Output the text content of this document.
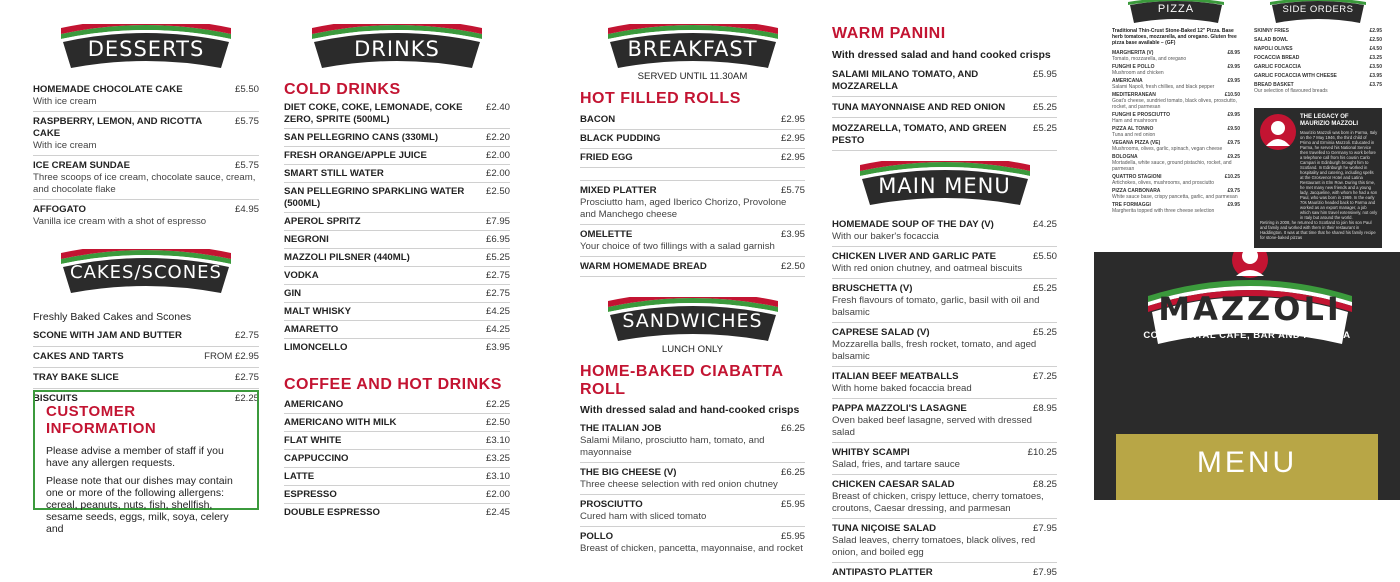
DESSERTS
HOMEMADE CHOCOLATE CAKE	£5.50
With ice cream
RASPBERRY, LEMON, AND RICOTTA CAKE
£5.75
With ice cream
ICE CREAM SUNDAE	£5.75
Three scoops of ice cream, chocolate sauce, cream, and chocolate flake
AFFOGATO	£4.95
Vanilla ice cream with a shot of espresso
CAKES/SCONES
Freshly Baked Cakes and Scones
SCONE WITH JAM AND BUTTER	£2.75
CAKES AND TARTS	FROM £2.95
TRAY BAKE SLICE	£2.75
BISCUITS	£2.25
CUSTOMER INFORMATION
Please advise a member of staff if you have any allergen requests.
Please note that our dishes may contain one or more of the following allergens: cereal, peanuts, nuts, fish, shellfish, sesame seeds, eggs, milk, soya, celery and
DRINKS
COLD DRINKS
DIET COKE, COKE, LEMONADE, COKE ZERO, SPRITE (500ML)
£2.40
SAN PELLEGRINO CANS (330ML)	£2.20
FRESH ORANGE/APPLE JUICE	£2.00
SMART STILL WATER	£2.00
SAN PELLEGRINO SPARKLING WATER (500ML)
£2.50
APEROL SPRITZ	£7.95
NEGRONI	£6.95
MAZZOLI PILSNER (440ML)	£5.25
VODKA	£2.75
GIN	£2.75
MALT WHISKY	£4.25
AMARETTO	£4.25
LIMONCELLO	£3.95
COFFEE AND HOT DRINKS
AMERICANO	£2.25
AMERICANO WITH MILK	£2.50
FLAT WHITE	£3.10
CAPPUCCINO	£3.25
LATTE	£3.10
ESPRESSO	£2.00
DOUBLE ESPRESSO	£2.45
BREAKFAST
SERVED UNTIL 11.30AM
HOT FILLED ROLLS
BACON	£2.95
BLACK PUDDING	£2.95
FRIED EGG	£2.95
MIXED PLATTER	£5.75
Prosciutto ham, aged Iberico Chorizo, Provolone and Manchego cheese
OMELETTE	£3.95
Your choice of two fillings with a salad garnish
WARM HOMEMADE BREAD	£2.50
SANDWICHES
LUNCH ONLY
HOME-BAKED CIABATTA ROLL
With dressed salad and hand-cooked crisps
THE ITALIAN JOB	£6.25
Salami Milano, prosciutto ham, tomato, and mayonnaise
THE BIG CHEESE (V)	£6.25
Three cheese selection with red onion chutney
PROSCIUTTO	£5.95
Cured ham with sliced tomato
POLLO	£5.95
Breast of chicken, pancetta, mayonnaise, and rocket
WARM PANINI
With dressed salad and hand cooked crisps
SALAMI MILANO TOMATO, AND MOZZARELLA
£5.95
TUNA MAYONNAISE AND RED ONION	£5.25
MOZZARELLA, TOMATO, AND GREEN PESTO
£5.25
MAIN MENU
HOMEMADE SOUP OF THE DAY (V)	£4.25
With our baker's focaccia
CHICKEN LIVER AND GARLIC PATE	£5.50
With red onion chutney, and oatmeal biscuits
BRUSCHETTA (V)	£5.25
Fresh flavours of tomato, garlic, basil with oil and balsamic
CAPRESE SALAD (V)	£5.25
Mozzarella balls, fresh rocket, tomato, and aged balsamic
ITALIAN BEEF MEATBALLS	£7.25
With home baked focaccia bread
PAPPA MAZZOLI'S LASAGNE	£8.95
Oven baked beef lasagne, served with dressed salad
WHITBY SCAMPI	£10.25
Salad, fries, and tartare sauce
CHICKEN CAESAR SALAD	£8.25
Breast of chicken, crispy lettuce, cherry tomatoes, croutons, Caesar dressing, and parmesan
TUNA NIÇOISE SALAD	£7.95
Salad leaves, cherry tomatoes, black olives, red onion, and boiled egg
ANTIPASTO PLATTER	£7.95
PIZZA
Traditional Thin-Crust Stone-Baked 12" Pizza. Base herb tomatoes, mozzarella, and oregano. Gluten free pizza base available – (GF)
MARGHERITA (V)	£8.95
Tomato, mozzarella, and oregano
FUNGHI E POLLO	£9.95
Mushroom and chicken
AMERICANA	£9.95
Salami Napoli, fresh chillies, and black pepper
MEDITERRANEAN	£10.50
Goat's cheese, sundried tomato, black olives, prosciutto, rocket, and parmesan
FUNGHI E PROSCIUTTO	£9.95
Ham and mushroom
PIZZA AL TONNO	£9.50
Tuna and red onion
VEGANA PIZZA (VE)	£9.75
Mushrooms, olives, garlic, spinach, vegan cheese
BOLOGNA	£9.25
Mortadella, white sauce, ground pistachio, rocket, and parmesan
QUATTRO STAGIONI	£10.25
Artichokes, olives, mushrooms, and prosciutto
PIZZA CARBONARA	£9.75
White sauce base, crispy pancetta, garlic, and parmesan
TRE FORMAGGI	£9.95
Margherita topped with three cheese selection
SIDE ORDERS
SKINNY FRIES	£2.95
SALAD BOWL	£2.50
NAPOLI OLIVES	£4.50
FOCACCIA BREAD	£3.25
GARLIC FOCACCIA	£3.50
GARLIC FOCACCIA WITH CHEESE	£3.95
BREAD BASKET	£3.75
Our selection of flavoured breads
THE LEGACY OF MAURIZIO MAZZOLI
Maurizio Mazzoli was born in Parma, Italy on the 7 May 1946, the third child of Primo and Erminia Mazzoli. Educated in Parma, he served his National Service then travelled to Germany to work before a telephone call from his cousin Carlo Campari in Edinburgh brought him to Scotland. In Edinburgh he worked in hospitality and catering, including spells at the Grosvenor Hotel and Latina Restaurant in Elm Row. During this time, he met many new friends and a young lady, Jacqueline, with whom he had a son Paul, who was born in 1969. In the early 70s Maurizio headed back to Parma and worked as an export manager, a job which saw him travel extensively, not only in Italy but around the world.
Retiring in 2008, he returned to Scotland to join his son Paul and family and worked with them in their restaurant in Haddington. It was at that time that he shared his family recipe for stone-baked pizzas
MAZZOLI
CONTINENTAL CAFE, BAR AND PIZZERIA
MENU
